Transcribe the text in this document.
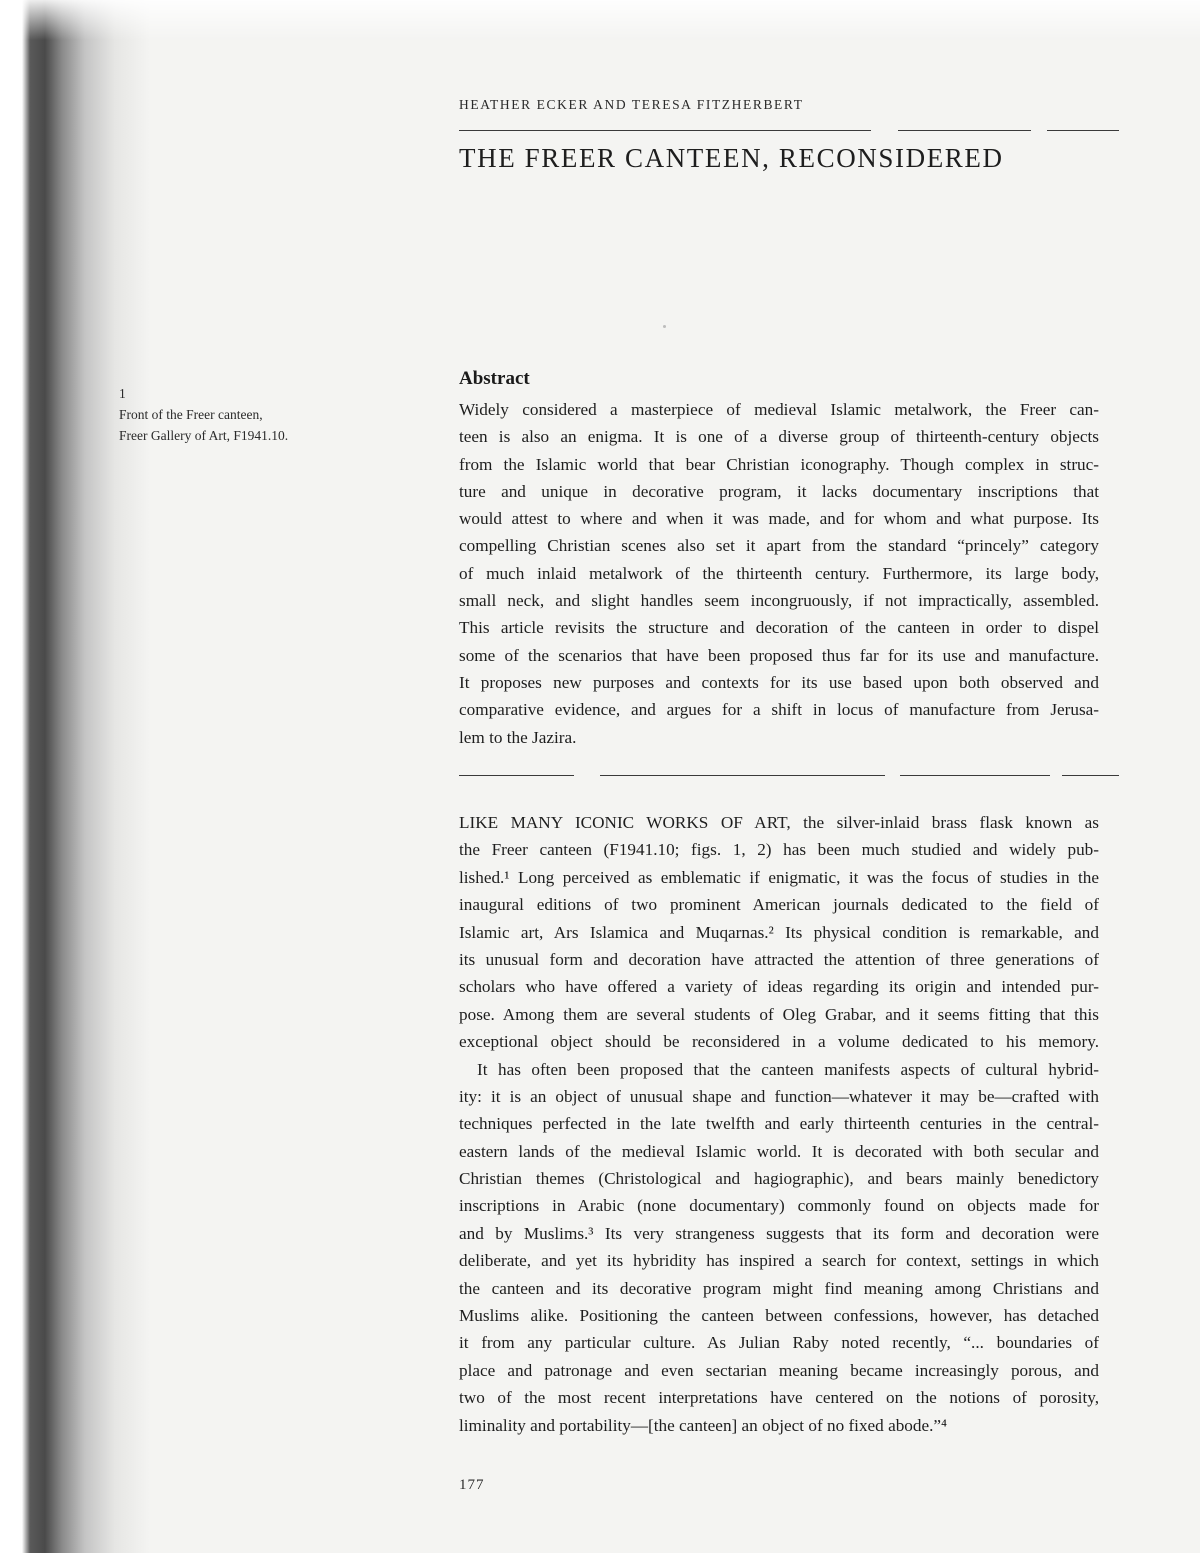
HEATHER ECKER AND TERESA FITZHERBERT
THE FREER CANTEEN, RECONSIDERED
1
Front of the Freer canteen,
Freer Gallery of Art, F1941.10.
Abstract
Widely considered a masterpiece of medieval Islamic metalwork, the Freer can-
teen is also an enigma. It is one of a diverse group of thirteenth-century objects
from the Islamic world that bear Christian iconography. Though complex in struc-
ture and unique in decorative program, it lacks documentary inscriptions that
would attest to where and when it was made, and for whom and what purpose. Its
compelling Christian scenes also set it apart from the standard “princely” category
of much inlaid metalwork of the thirteenth century. Furthermore, its large body,
small neck, and slight handles seem incongruously, if not impractically, assembled.
This article revisits the structure and decoration of the canteen in order to dispel
some of the scenarios that have been proposed thus far for its use and manufacture.
It proposes new purposes and contexts for its use based upon both observed and
comparative evidence, and argues for a shift in locus of manufacture from Jerusa-
lem to the Jazira.
LIKE MANY ICONIC WORKS OF ART, the silver-inlaid brass flask known as
the Freer canteen (F1941.10; figs. 1, 2) has been much studied and widely pub-
lished.¹ Long perceived as emblematic if enigmatic, it was the focus of studies in the
inaugural editions of two prominent American journals dedicated to the field of
Islamic art, Ars Islamica and Muqarnas.² Its physical condition is remarkable, and
its unusual form and decoration have attracted the attention of three generations of
scholars who have offered a variety of ideas regarding its origin and intended pur-
pose. Among them are several students of Oleg Grabar, and it seems fitting that this
exceptional object should be reconsidered in a volume dedicated to his memory.
It has often been proposed that the canteen manifests aspects of cultural hybrid-
ity: it is an object of unusual shape and function—whatever it may be—crafted with
techniques perfected in the late twelfth and early thirteenth centuries in the central-
eastern lands of the medieval Islamic world. It is decorated with both secular and
Christian themes (Christological and hagiographic), and bears mainly benedictory
inscriptions in Arabic (none documentary) commonly found on objects made for
and by Muslims.³ Its very strangeness suggests that its form and decoration were
deliberate, and yet its hybridity has inspired a search for context, settings in which
the canteen and its decorative program might find meaning among Christians and
Muslims alike. Positioning the canteen between confessions, however, has detached
it from any particular culture. As Julian Raby noted recently, “... boundaries of
place and patronage and even sectarian meaning became increasingly porous, and
two of the most recent interpretations have centered on the notions of porosity,
liminality and portability—[the canteen] an object of no fixed abode.”⁴
177
